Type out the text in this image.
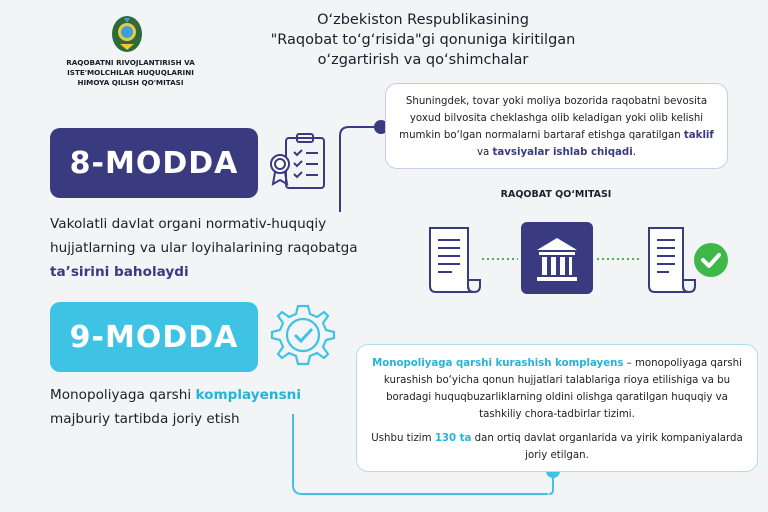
RAQOBATNI RIVOJLANTIRISH VA ISTE'MOLCHILAR HUQUQLARINI HIMOYA QILISH QO'MITASI
O‘zbekiston Respublikasining
"Raqobat to‘g‘risida"gi qonuniga kiritilgan
o‘zgartirish va qo‘shimchalar
8-MODDA
Vakolatli davlat organi normativ-huquqiy hujjatlarning va ular loyihalarining raqobatga ta’sirini baholaydi
Shuningdek, tovar yoki moliya bozorida raqobatni bevosita yoxud bilvosita cheklashga olib keladigan yoki olib kelishi mumkin bo‘lgan normalarni bartaraf etishga qaratilgan taklif va tavsiyalar ishlab chiqadi.
RAQOBAT QO‘MITASI
9-MODDA
Monopoliyaga qarshi komplayensni majburiy tartibda joriy etish

Monopoliyaga qarshi kurashish komplayens – monopoliyaga qarshi kurashish bo‘yicha qonun hujjatlari talablariga rioya etilishiga va bu boradagi huquqbuzarliklarning oldini olishga qaratilgan huquqiy va tashkiliy chora-tadbirlar tizimi.

Ushbu tizim 130 ta dan ortiq davlat organlarida va yirik kompaniyalarda joriy etilgan.
